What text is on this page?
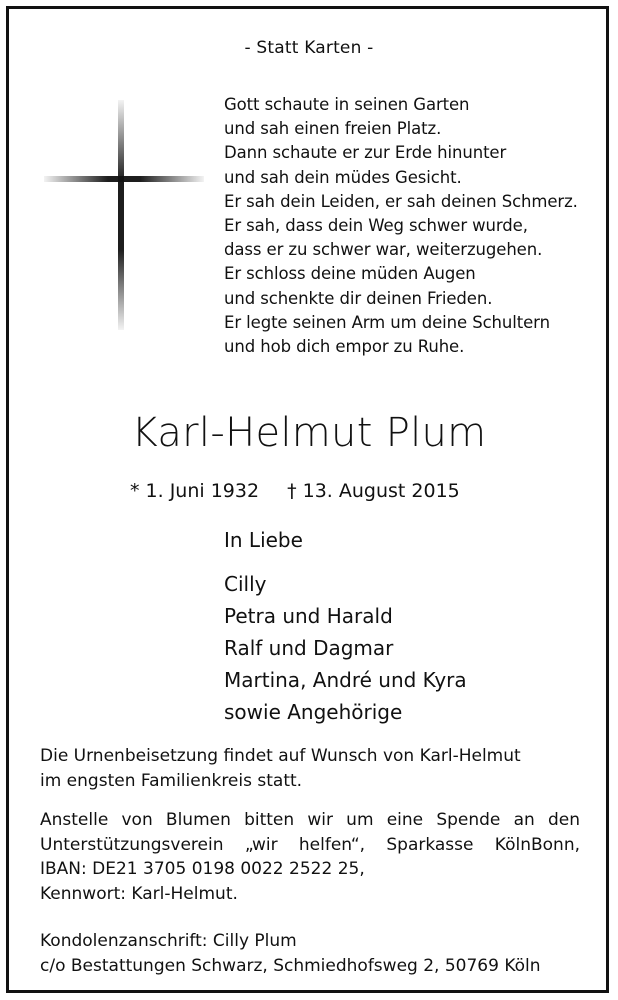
- Statt Karten -
Gott schaute in seinen Garten
und sah einen freien Platz.
Dann schaute er zur Erde hinunter
und sah dein müdes Gesicht.
Er sah dein Leiden, er sah deinen Schmerz.
Er sah, dass dein Weg schwer wurde,
dass er zu schwer war, weiterzugehen.
Er schloss deine müden Augen
und schenkte dir deinen Frieden.
Er legte seinen Arm um deine Schultern
und hob dich empor zu Ruhe.
Karl-Helmut Plum
* 1. Juni 1932 † 13. August 2015
In Liebe
Cilly
Petra und Harald
Ralf und Dagmar
Martina, André und Kyra
sowie Angehörige
Die Urnenbeisetzung findet auf Wunsch von Karl-Helmut
im engsten Familienkreis statt.
Anstelle von Blumen bitten wir um eine Spende an den
Unterstützungsverein „wir helfen“, Sparkasse KölnBonn,
IBAN: DE21 3705 0198 0022 2522 25,
Kennwort: Karl-Helmut.
Kondolenzanschrift: Cilly Plum
c/o Bestattungen Schwarz, Schmiedhofsweg 2, 50769 Köln
